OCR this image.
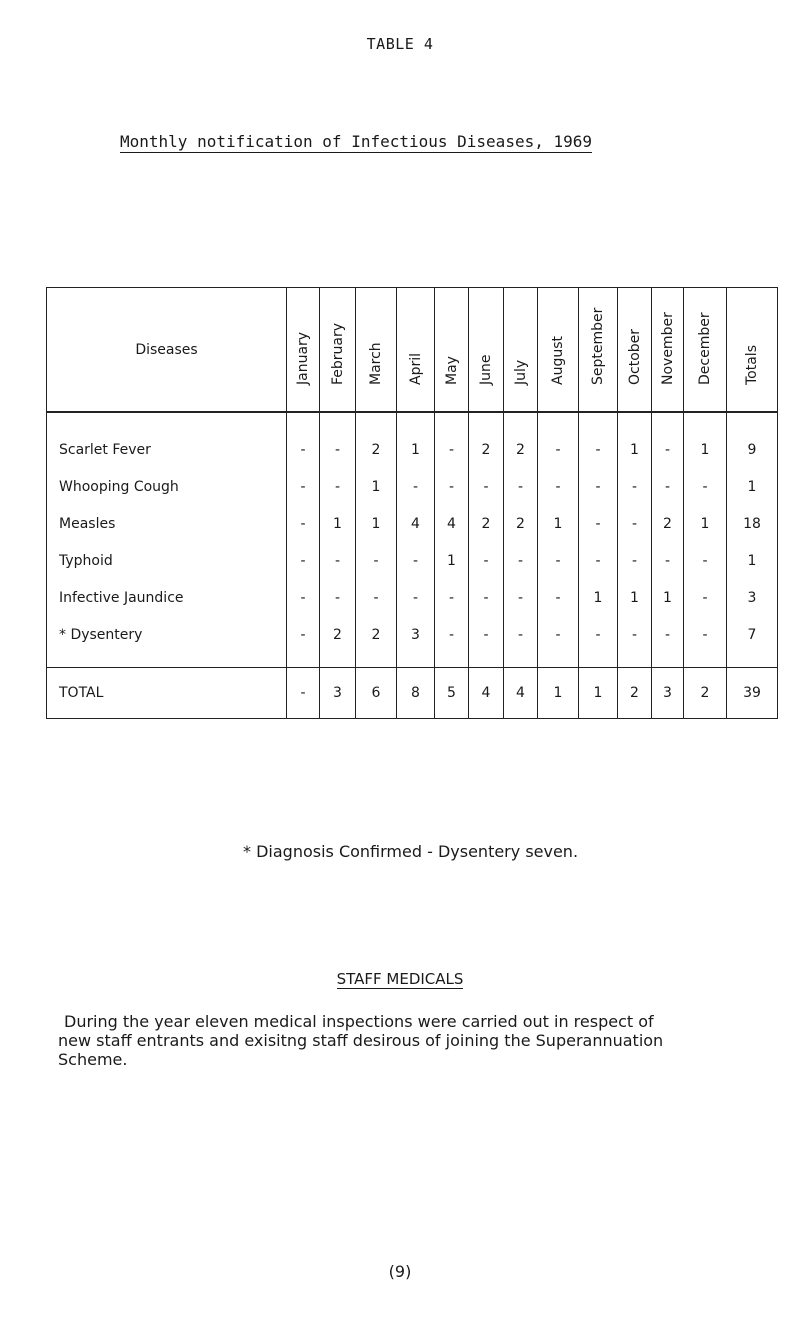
TABLE 4
Monthly notification of Infectious Diseases, 1969
Diseases	January	February	March	April	May	June	July	August	September	October	November	December	Totals

Scarlet Fever	-	-	2	1	-	2	2	-	-	1	-	1	9
Whooping Cough	-	-	1	-	-	-	-	-	-	-	-	-	1
Measles	-	1	1	4	4	2	2	1	-	-	2	1	18
Typhoid	-	-	-	-	1	-	-	-	-	-	-	-	1
Infective Jaundice	-	-	-	-	-	-	-	-	1	1	1	-	3
* Dysentery	-	2	2	3	-	-	-	-	-	-	-	-	7

TOTAL	-	3	6	8	5	4	4	1	1	2	3	2	39
* Diagnosis Confirmed - Dysentery seven.
STAFF MEDICALS
During the year eleven medical inspections were carried out in respect of
new staff entrants and exisitng staff desirous of joining the Superannuation
Scheme.
(9)
